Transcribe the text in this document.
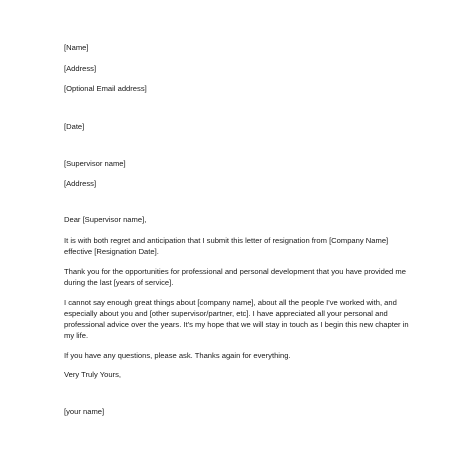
[Name]
[Address]
[Optional Email address]
[Date]
[Supervisor name]
[Address]
Dear [Supervisor name],
It is with both regret and anticipation that I submit this letter of resignation from [Company Name]
effective [Resignation Date].
Thank you for the opportunities for professional and personal development that you have provided me
during the last [years of service].
I cannot say enough great things about [company name], about all the people I've worked with, and
especially about you and [other supervisor/partner, etc]. I have appreciated all your personal and
professional advice over the years. It's my hope that we will stay in touch as I begin this new chapter in
my life.
If you have any questions, please ask. Thanks again for everything.
Very Truly Yours,
[your name]
